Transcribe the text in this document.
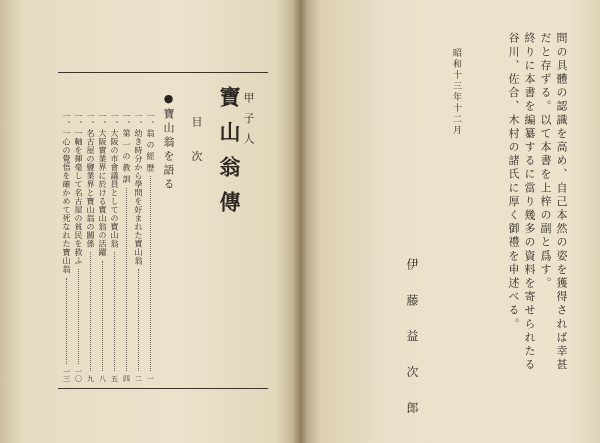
甲 子 人

寶山翁傳

目 次

●寶山翁を語る

一、翁 の 經 歷
一
一、幼き時分から學問を好まれた寶山翁
二
一、第 一 の 教 訓
四
一、大阪の市會議員としての寶山翁
五
一、大阪實業界に於ける寶山翁の活躍
八
一、名古屋の鹽業界と寶山翁の關係
九
一、一軸を揮毫して名古屋の貧民を救ふ
一〇
一、一心の覺悟を確かめて死なれた寶山翁
一三

問の具體の認識を高め、自己本然の姿を獲得されば幸甚

だと存ずる。以て本書を上梓の副と爲す。

終りに本書を編纂するに當り幾多の資料を寄せられたる

谷川、佐合、木村の諸氏に厚く御禮を申述べる。

昭和十三年十二月

伊 藤 益 次 郎
